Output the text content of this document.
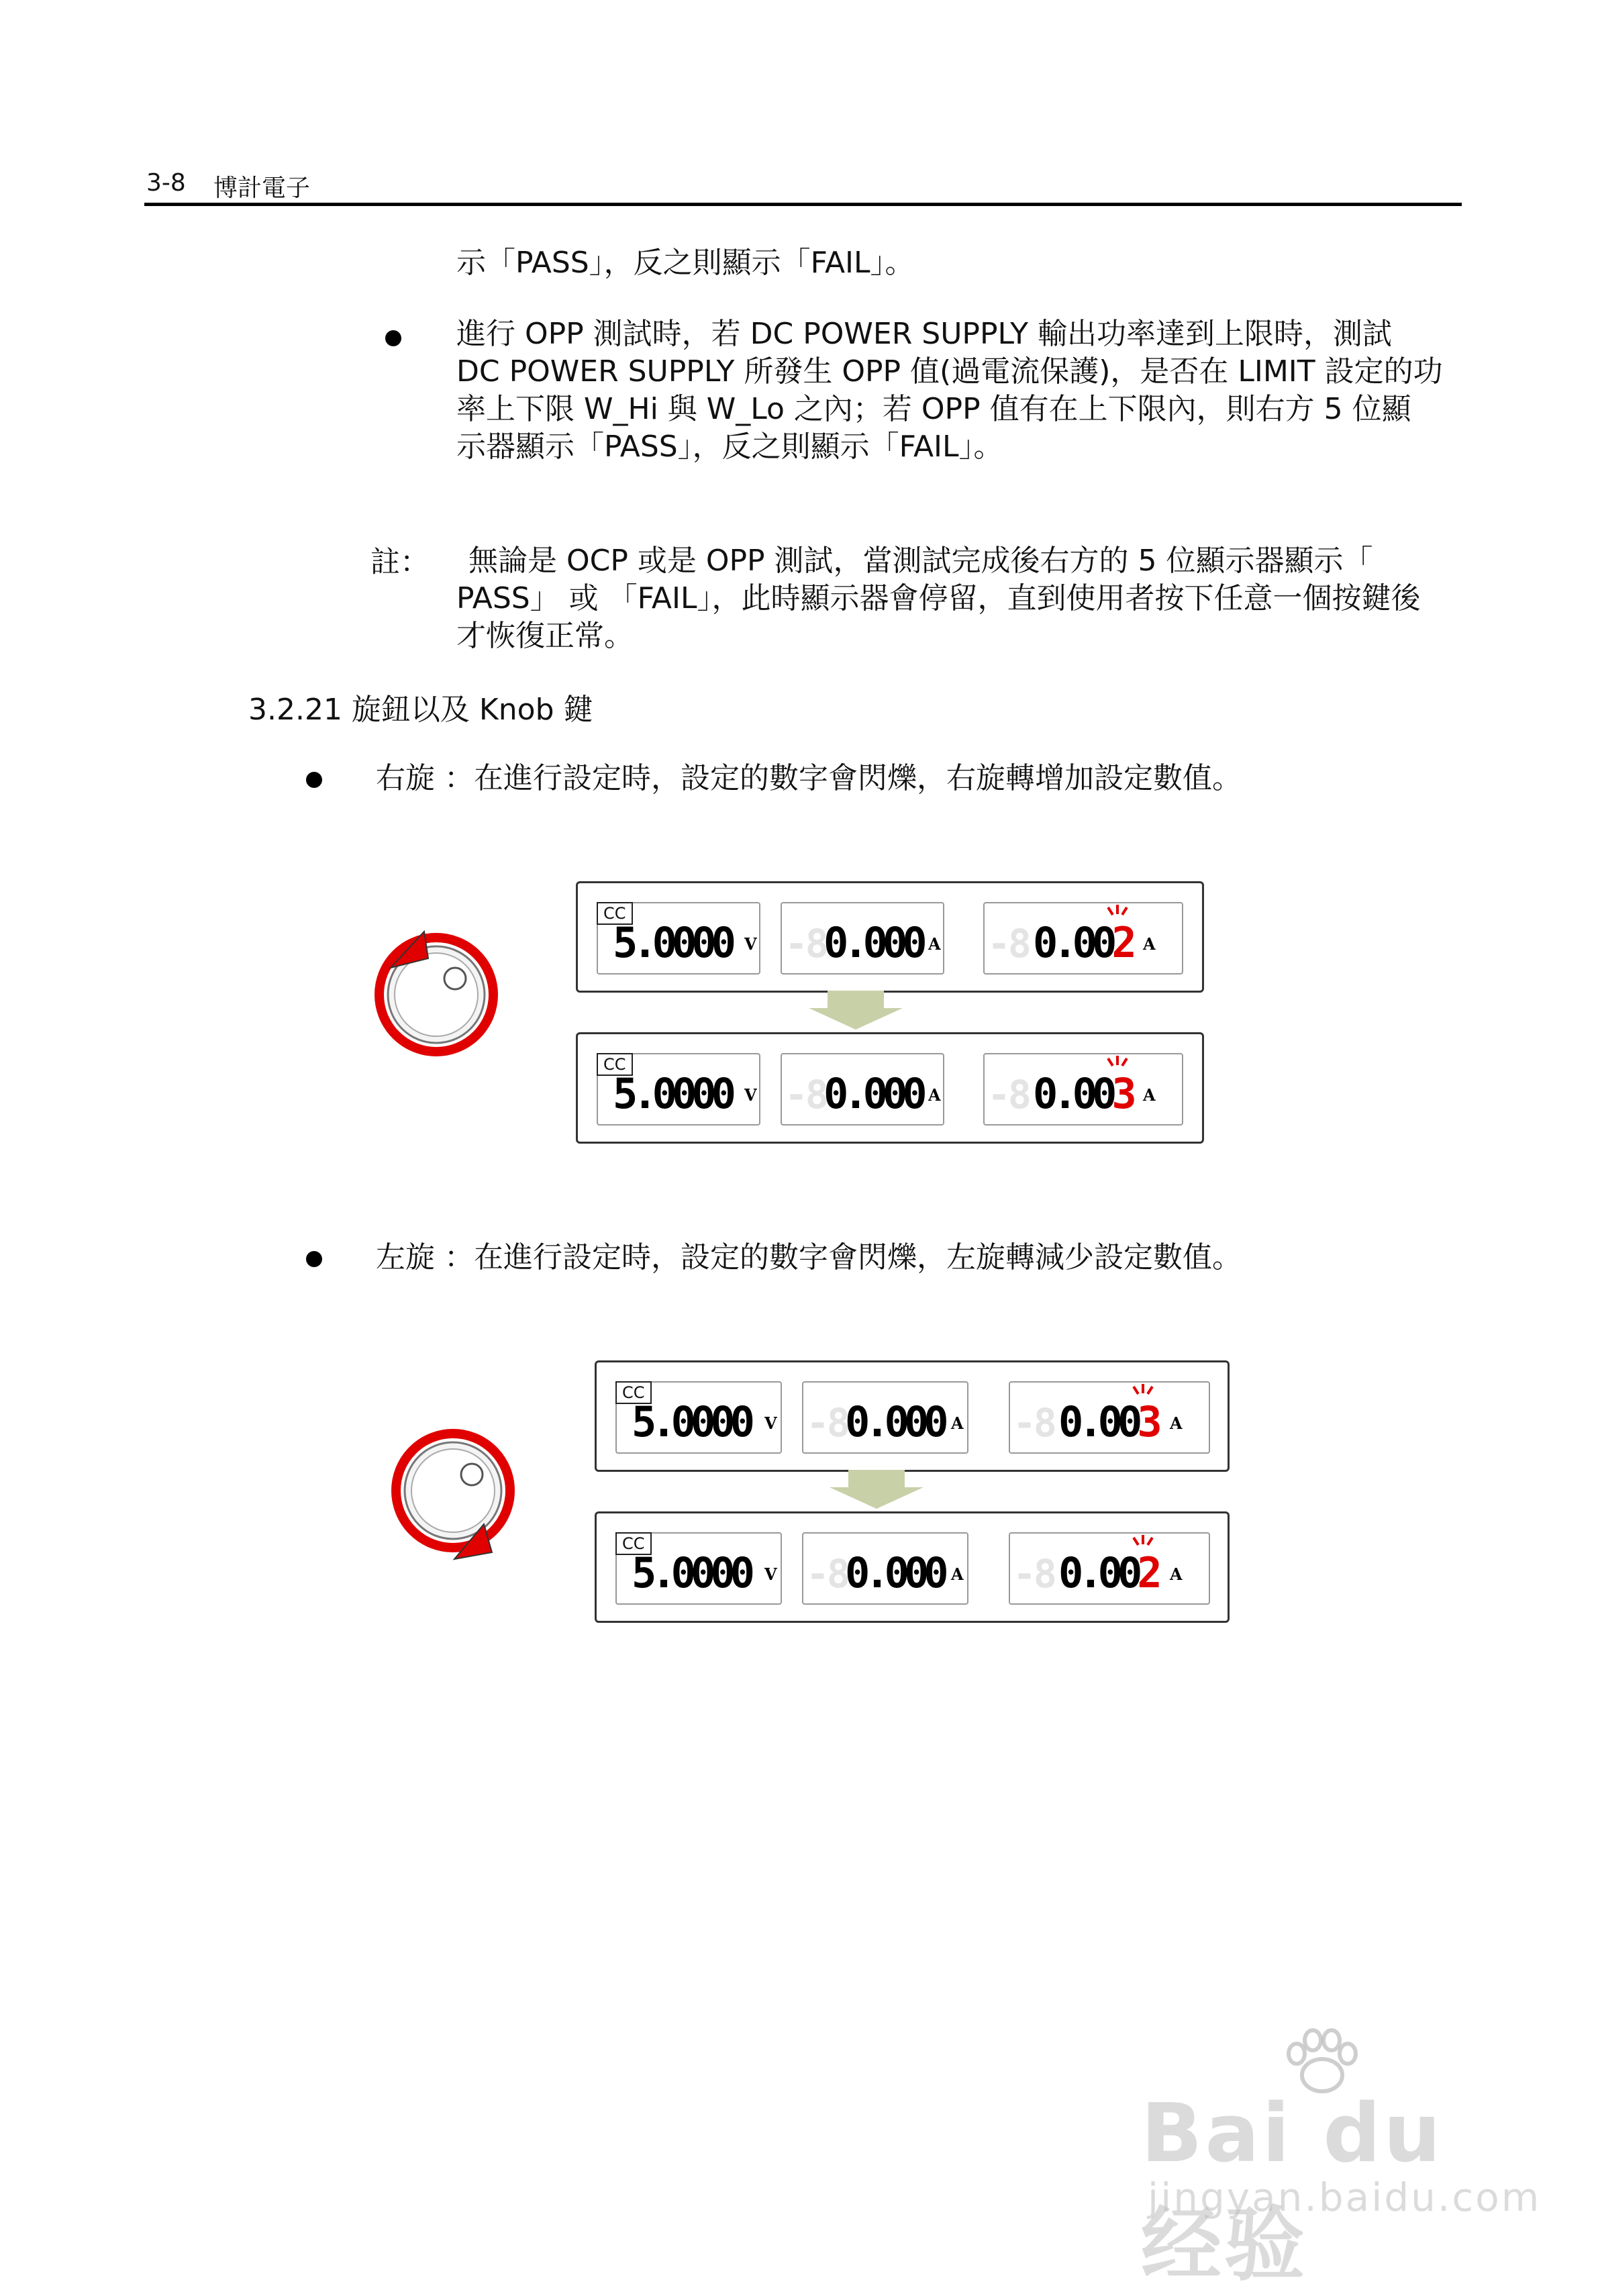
3-8 博計電子
示「PASS」，反之則顯示「FAIL」。
進行 OPP 測試時，若 DC POWER SUPPLY 輸出功率達到上限時，測試
DC POWER SUPPLY 所發生 OPP 值(過電流保護)，是否在 LIMIT 設定的功
率上下限 W_Hi 與 W_Lo 之內；若 OPP 值有在上下限內，則右方 5 位顯
示器顯示「PASS」，反之則顯示「FAIL」。
註：	無論是 OCP 或是 OPP 測試，當測試完成後右方的 5 位顯示器顯示「
PASS」 或 「FAIL」，此時顯示器會停留，直到使用者按下任意一個按鍵後
才恢復正常。
3.2.21 旋鈕以及 Knob 鍵
右旋 ：在進行設定時，設定的數字會閃爍，右旋轉增加設定數值。
CC
5.0000 V -8
0.000 A -8 0.002 A
CC
5.0000 V -8
0.000 A -8 0.003 A
左旋 ：在進行設定時，設定的數字會閃爍，左旋轉減少設定數值。
CC
5.0000 V -8
0.000 A -8 0.003 A
CC
5.0000 V -8
0.000 A -8 0.002 A
Bai du 经验
jingyan.baidu.com
